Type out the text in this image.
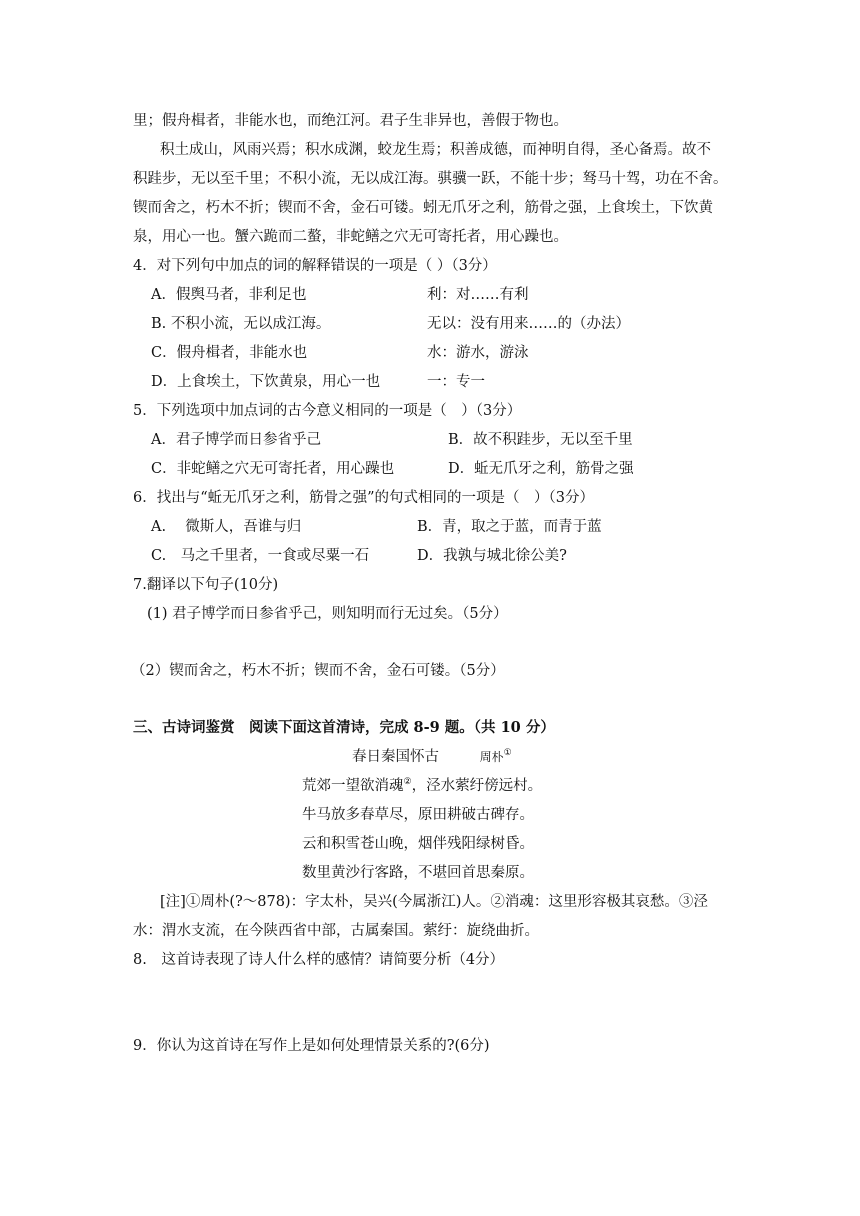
里；假舟楫者，非能水也，而绝江河。君子生非异也，善假于物也。
积土成山，风雨兴焉；积水成渊，蛟龙生焉；积善成德，而神明自得，圣心备焉。故不
积跬步，无以至千里；不积小流，无以成江海。骐骥一跃，不能十步；驽马十驾，功在不舍。
锲而舍之，朽木不折；锲而不舍，金石可镂。蚓无爪牙之利，筋骨之强，上食埃土，下饮黄
泉，用心一也。蟹六跪而二螯，非蛇鳝之穴无可寄托者，用心躁也。
4．对下列句中加点的词的解释错误的一项是（ ）（3分）
A．假舆马者，非利足也	利：对……有利
B. 不积小流，无以成江海。	无以：没有用来……的（办法）
C．假舟楫者，非能水也	水：游水，游泳
D．上食埃土，下饮黄泉，用心一也	一：专一
5．下列选项中加点词的古今意义相同的一项是（　）（3分）
A．君子博学而日参省乎己	B．故不积跬步，无以至千里
C．非蛇鳝之穴无可寄托者，用心躁也	D．蚯无爪牙之利，筋骨之强
6．找出与“蚯无爪牙之利，筋骨之强”的句式相同的一项是（　）（3分）
A.　 微斯人，吾谁与归	B．青，取之于蓝，而青于蓝
C.　马之千里者，一食或尽粟一石	D．我孰与城北徐公美?
7.翻译以下句子(10分)
(1) 君子博学而日参省乎己，则知明而行无过矣。（5分）
（2）锲而舍之，朽木不折；锲而不舍，金石可镂。（5分）
三、古诗词鉴赏　阅读下面这首清诗，完成 8-9 题。（共 10 分）
春日秦国怀古	周朴①
荒郊一望欲消魂②，泾水萦纡傍远村。
牛马放多春草尽，原田耕破古碑存。
云和积雪苍山晚，烟伴残阳绿树昏。
数里黄沙行客路，不堪回首思秦原。
[注]①周朴(?～878)：字太朴，吴兴(今属浙江)人。②消魂：这里形容极其哀愁。③泾
水：渭水支流，在今陕西省中部，古属秦国。萦纡：旋绕曲折。
8.　这首诗表现了诗人什么样的感情？请简要分析（4分）
9．你认为这首诗在写作上是如何处理情景关系的?(6分)
